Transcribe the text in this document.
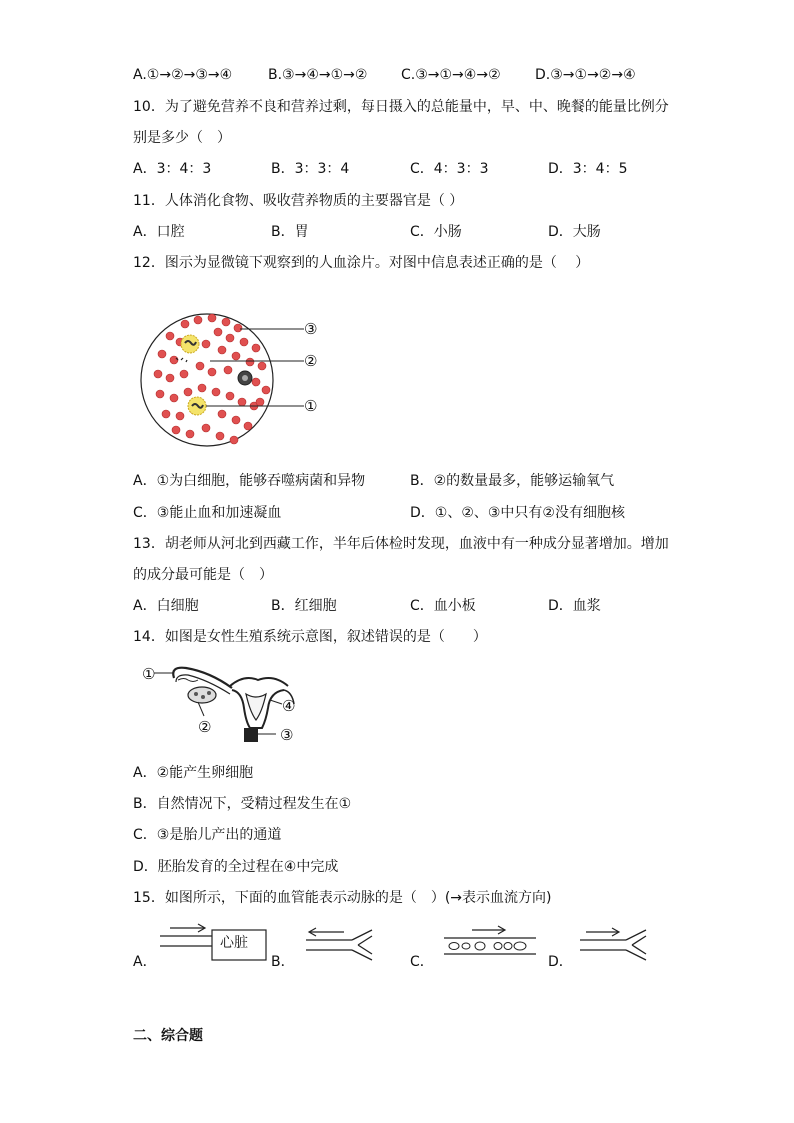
A.①→②→③→④	B.③→④→①→② C.③→①→④→② D.③→①→②→④
10．为了避免营养不良和营养过剩，每日摄入的总能量中，早、中、晚餐的能量比例分
别是多少（　）
A．3：4：3	B．3：3：4	C．4：3：3	D．3：4：5
11．人体消化食物、吸收营养物质的主要器官是（ ）
A．口腔	B．胃	C．小肠	D．大肠
12．图示为显微镜下观察到的人血涂片。对图中信息表述正确的是（　 ）
③
②
①
A．①为白细胞，能够吞噬病菌和异物	B．②的数量最多，能够运输氧气
C．③能止血和加速凝血	D．①、②、③中只有②没有细胞核
13．胡老师从河北到西藏工作，半年后体检时发现，血液中有一种成分显著增加。增加
的成分最可能是（　）
A．白细胞	B．红细胞	C．血小板	D．血浆
14．如图是女性生殖系统示意图，叙述错误的是（　　）
①
②
④
③
A．②能产生卵细胞
B．自然情况下，受精过程发生在①
C．③是胎儿产出的通道
D．胚胎发育的全过程在④中完成
15．如图所示，下面的血管能表示动脉的是（　）(→表示血流方向)
A．
心脏
B．	C．	D．
二、综合题
